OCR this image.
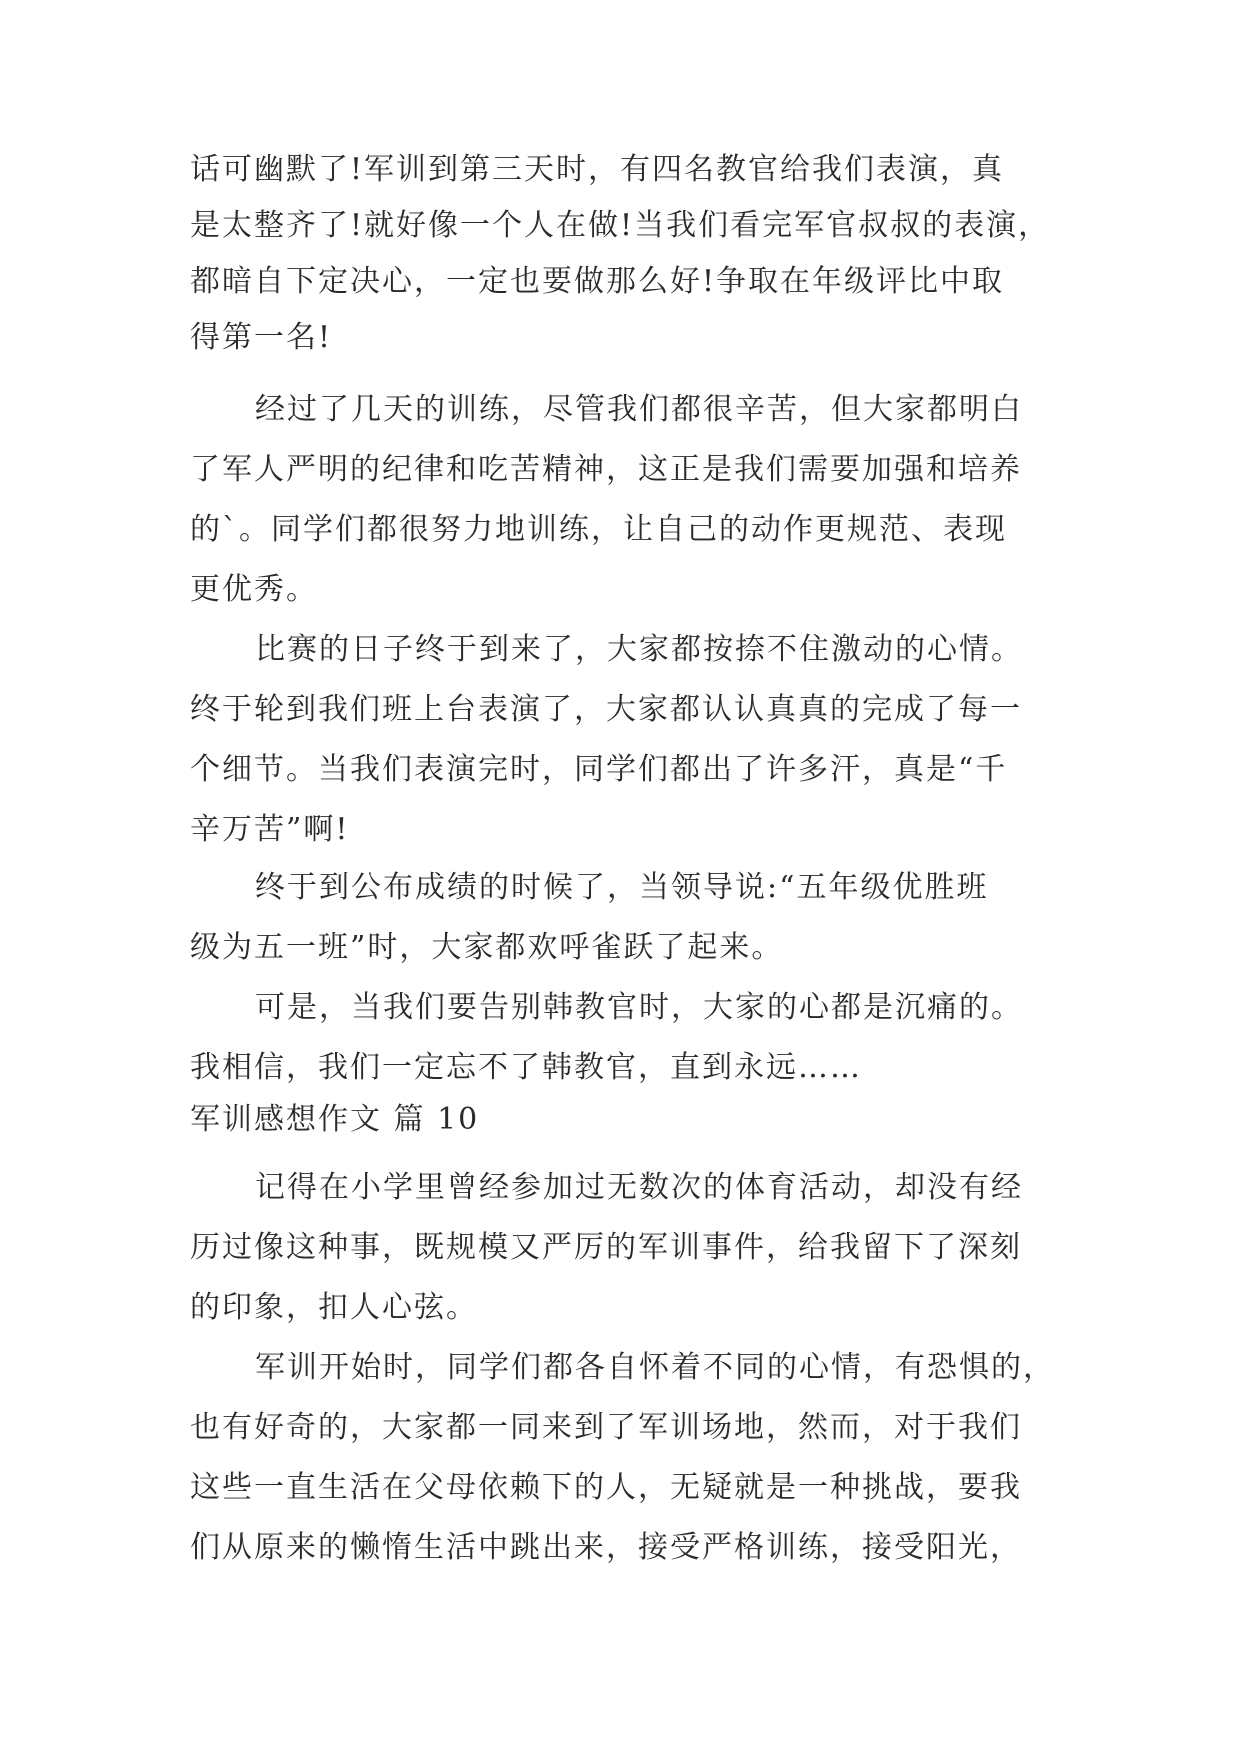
话可幽默了!军训到第三天时，有四名教官给我们表演，真
是太整齐了!就好像一个人在做!当我们看完军官叔叔的表演，
都暗自下定决心，一定也要做那么好!争取在年级评比中取
得第一名!
经过了几天的训练，尽管我们都很辛苦，但大家都明白
了军人严明的纪律和吃苦精神，这正是我们需要加强和培养
的`。同学们都很努力地训练，让自己的动作更规范、表现
更优秀。
比赛的日子终于到来了，大家都按捺不住激动的心情。
终于轮到我们班上台表演了，大家都认认真真的完成了每一
个细节。当我们表演完时，同学们都出了许多汗，真是“千
辛万苦”啊!
终于到公布成绩的时候了，当领导说:“五年级优胜班
级为五一班”时，大家都欢呼雀跃了起来。
可是，当我们要告别韩教官时，大家的心都是沉痛的。
我相信，我们一定忘不了韩教官，直到永远……
军训感想作文 篇 10
记得在小学里曾经参加过无数次的体育活动，却没有经
历过像这种事，既规模又严厉的军训事件，给我留下了深刻
的印象，扣人心弦。
军训开始时，同学们都各自怀着不同的心情，有恐惧的，
也有好奇的，大家都一同来到了军训场地，然而，对于我们
这些一直生活在父母依赖下的人，无疑就是一种挑战，要我
们从原来的懒惰生活中跳出来，接受严格训练，接受阳光，
